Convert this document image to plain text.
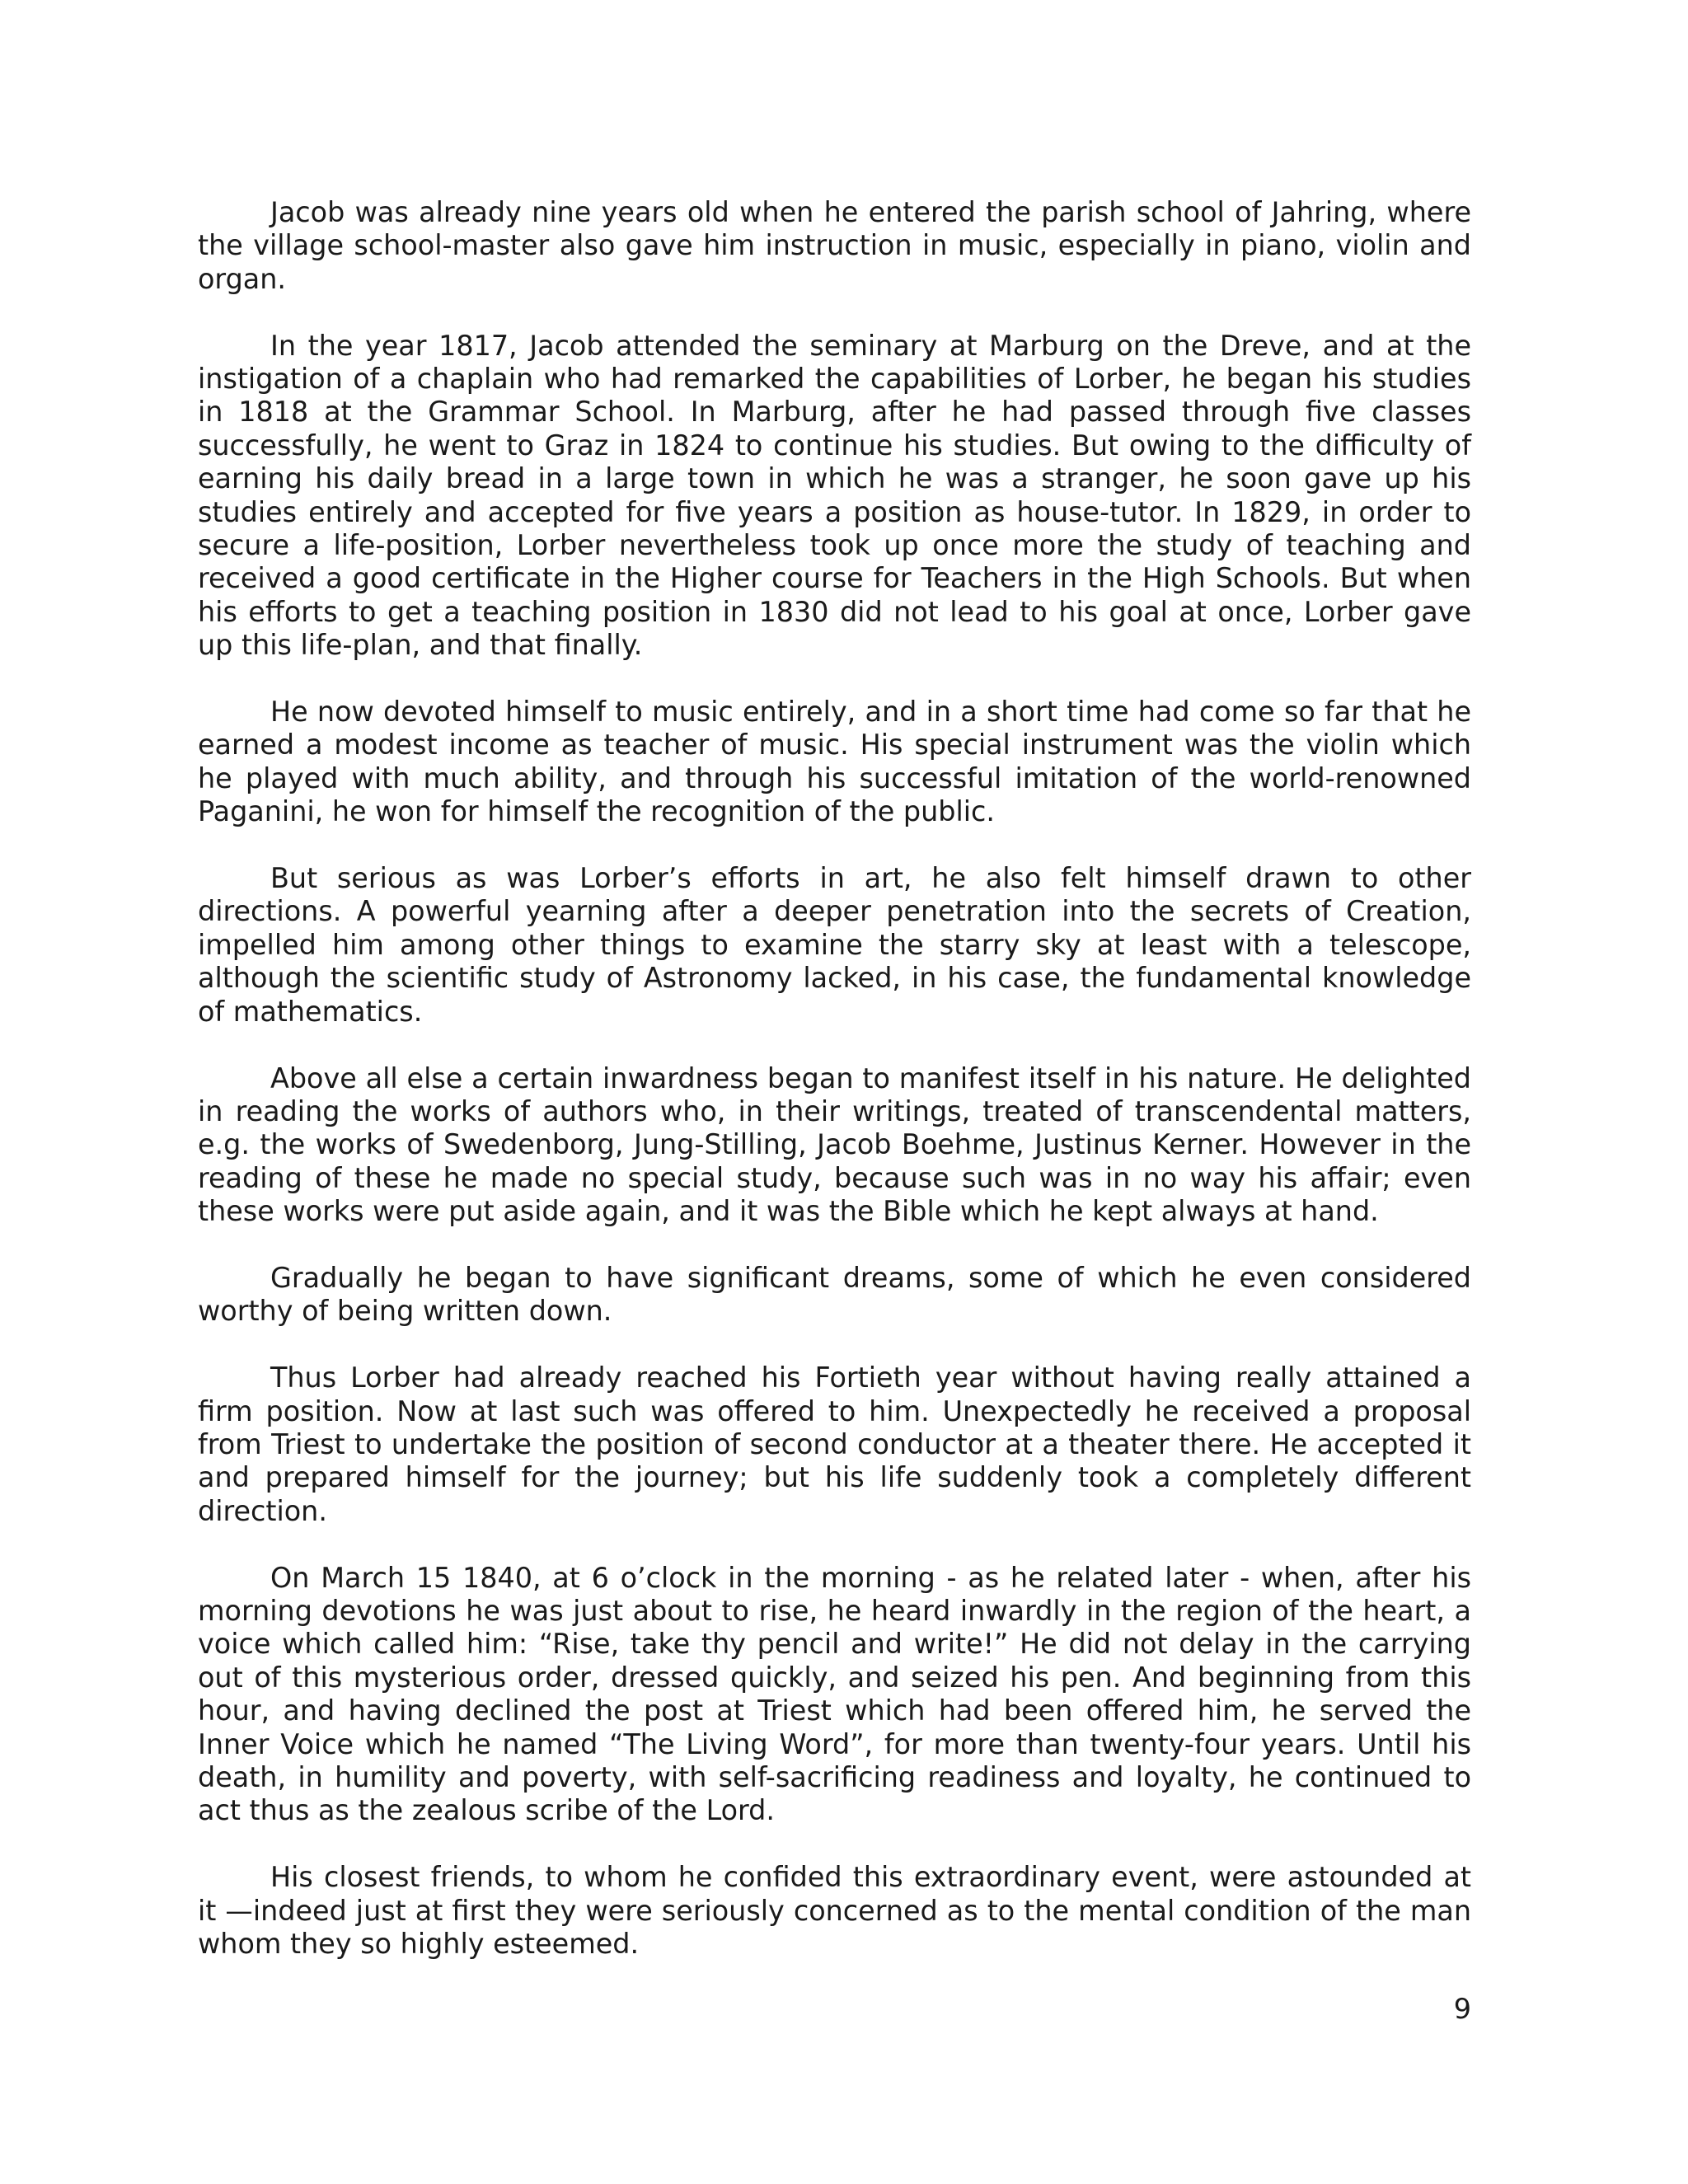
Jacob was already nine years old when he entered the parish school of Jahring, where the village school-master also gave him instruction in music, especially in piano, violin and organ.

In the year 1817, Jacob attended the seminary at Marburg on the Dreve, and at the instigation of a chaplain who had remarked the capabilities of Lorber, he began his studies in 1818 at the Grammar School. In Marburg, after he had passed through five classes successfully, he went to Graz in 1824 to continue his studies. But owing to the difficulty of earning his daily bread in a large town in which he was a stranger, he soon gave up his studies entirely and accepted for five years a position as house-tutor. In 1829, in order to secure a life-position, Lorber nevertheless took up once more the study of teaching and received a good certificate in the Higher course for Teachers in the High Schools. But when his efforts to get a teaching position in 1830 did not lead to his goal at once, Lorber gave up this life-plan, and that finally.

He now devoted himself to music entirely, and in a short time had come so far that he earned a modest income as teacher of music. His special instrument was the violin which he played with much ability, and through his successful imitation of the world-renowned Paganini, he won for himself the recognition of the public.

But serious as was Lorber’s efforts in art, he also felt himself drawn to other directions. A powerful yearning after a deeper penetration into the secrets of Creation, impelled him among other things to examine the starry sky at least with a telescope, although the scientific study of Astronomy lacked, in his case, the fundamental knowledge of mathematics.

Above all else a certain inwardness began to manifest itself in his nature. He delighted in reading the works of authors who, in their writings, treated of transcendental matters, e.g. the works of Swedenborg, Jung-Stilling, Jacob Boehme, Justinus Kerner. However in the reading of these he made no special study, because such was in no way his affair; even these works were put aside again, and it was the Bible which he kept always at hand.

Gradually he began to have significant dreams, some of which he even considered worthy of being written down.

Thus Lorber had already reached his Fortieth year without having really attained a firm position. Now at last such was offered to him. Unexpectedly he received a proposal from Triest to undertake the position of second conductor at a theater there. He accepted it and prepared himself for the journey; but his life suddenly took a completely different direction.

On March 15 1840, at 6 o’clock in the morning - as he related later - when, after his morning devotions he was just about to rise, he heard inwardly in the region of the heart, a voice which called him: “Rise, take thy pencil and write!” He did not delay in the carrying out of this mysterious order, dressed quickly, and seized his pen. And beginning from this hour, and having declined the post at Triest which had been offered him, he served the Inner Voice which he named “The Living Word”, for more than twenty-four years. Until his death, in humility and poverty, with self-sacrificing readiness and loyalty, he continued to act thus as the zealous scribe of the Lord.

His closest friends, to whom he confided this extraordinary event, were astounded at it —indeed just at first they were seriously concerned as to the mental condition of the man whom they so highly esteemed.

9
